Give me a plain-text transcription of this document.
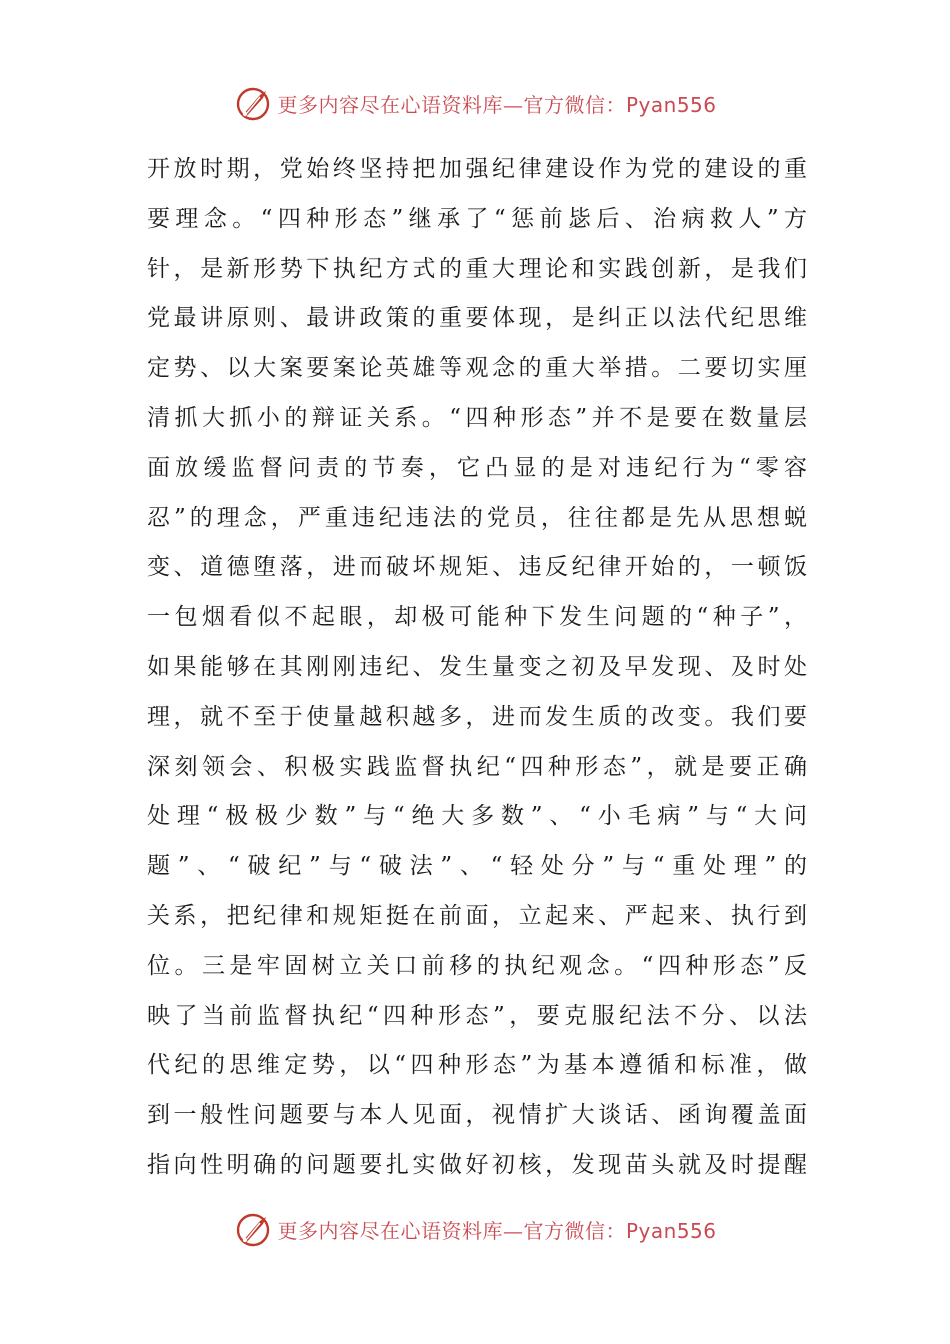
更多内容尽在心语资料库—官方微信：Pyan556
开放时期，党始终坚持把加强纪律建设作为党的建设的重
要理念。“四种形态”继承了“惩前毖后、治病救人”方
针，是新形势下执纪方式的重大理论和实践创新，是我们
党最讲原则、最讲政策的重要体现，是纠正以法代纪思维
定势、以大案要案论英雄等观念的重大举措。二要切实厘
清抓大抓小的辩证关系。“四种形态”并不是要在数量层
面放缓监督问责的节奏，它凸显的是对违纪行为“零容
忍”的理念，严重违纪违法的党员，往往都是先从思想蜕
变、道德堕落，进而破坏规矩、违反纪律开始的，一顿饭
一包烟看似不起眼，却极可能种下发生问题的“种子”，
如果能够在其刚刚违纪、发生量变之初及早发现、及时处
理，就不至于使量越积越多，进而发生质的改变。我们要
深刻领会、积极实践监督执纪“四种形态”，就是要正确
处理“极极少数”与“绝大多数”、“小毛病”与“大问
题”、“破纪”与“破法”、“轻处分”与“重处理”的
关系，把纪律和规矩挺在前面，立起来、严起来、执行到
位。三是牢固树立关口前移的执纪观念。“四种形态”反
映了当前监督执纪“四种形态”，要克服纪法不分、以法
代纪的思维定势，以“四种形态”为基本遵循和标准，做
到一般性问题要与本人见面，视情扩大谈话、函询覆盖面
指向性明确的问题要扎实做好初核，发现苗头就及时提醒
更多内容尽在心语资料库—官方微信：Pyan556
